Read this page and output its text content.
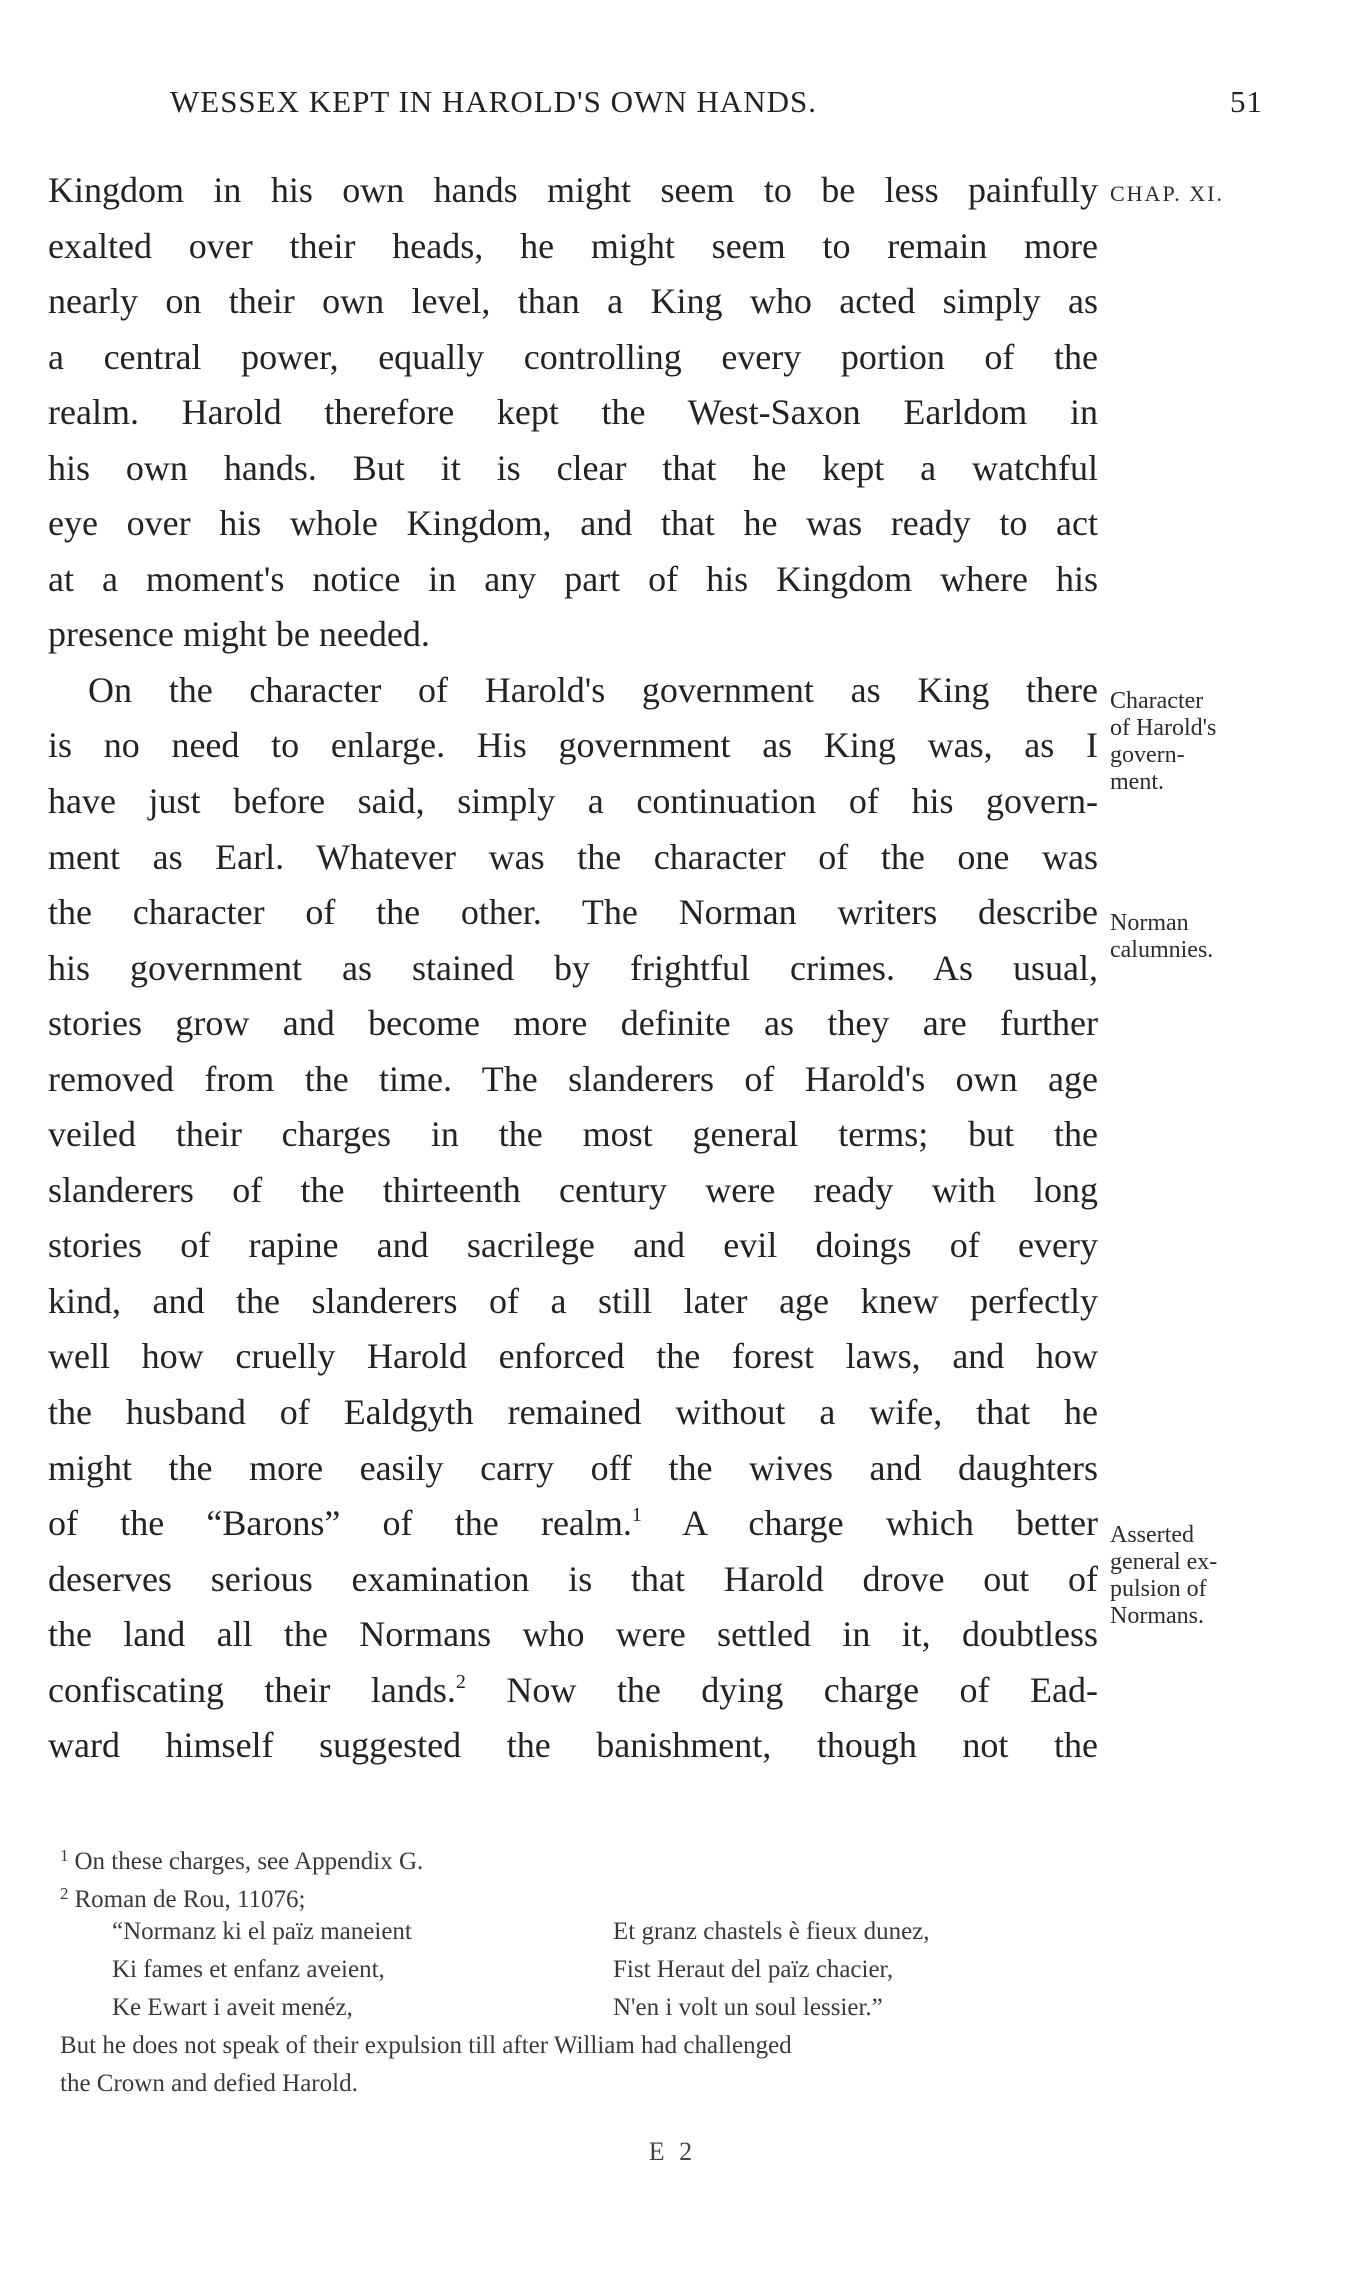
WESSEX KEPT IN HAROLD'S OWN HANDS.	51
Kingdom in his own hands might seem to be less painfully
exalted over their heads, he might seem to remain more
nearly on their own level, than a King who acted simply as
a central power, equally controlling every portion of the
realm. Harold therefore kept the West-Saxon Earldom in
his own hands. But it is clear that he kept a watchful
eye over his whole Kingdom, and that he was ready to act
at a moment's notice in any part of his Kingdom where his
presence might be needed.
On the character of Harold's government as King there
is no need to enlarge. His government as King was, as I
have just before said, simply a continuation of his govern-
ment as Earl. Whatever was the character of the one was
the character of the other. The Norman writers describe
his government as stained by frightful crimes. As usual,
stories grow and become more definite as they are further
removed from the time. The slanderers of Harold's own age
veiled their charges in the most general terms; but the
slanderers of the thirteenth century were ready with long
stories of rapine and sacrilege and evil doings of every
kind, and the slanderers of a still later age knew perfectly
well how cruelly Harold enforced the forest laws, and how
the husband of Ealdgyth remained without a wife, that he
might the more easily carry off the wives and daughters
of the “Barons” of the realm.$^1$ A charge which better
deserves serious examination is that Harold drove out of
the land all the Normans who were settled in it, doubtless
confiscating their lands.$^2$ Now the dying charge of Ead-
ward himself suggested the banishment, though not the
CHAP. XI.
Character
of Harold's
govern-
ment.
Norman
calumnies.
Asserted
general ex-
pulsion of
Normans.
$^1$ On these charges, see Appendix G.
$^2$ Roman de Rou, 11076;
“Normanz ki el païz maneient	Et granz chastels è fieux dunez,
Ki fames et enfanz aveient,	Fist Heraut del païz chacier,
Ke Ewart i aveit menéz,	N'en i volt un soul lessier.”
But he does not speak of their expulsion till after William had challenged
the Crown and defied Harold.
E 2
